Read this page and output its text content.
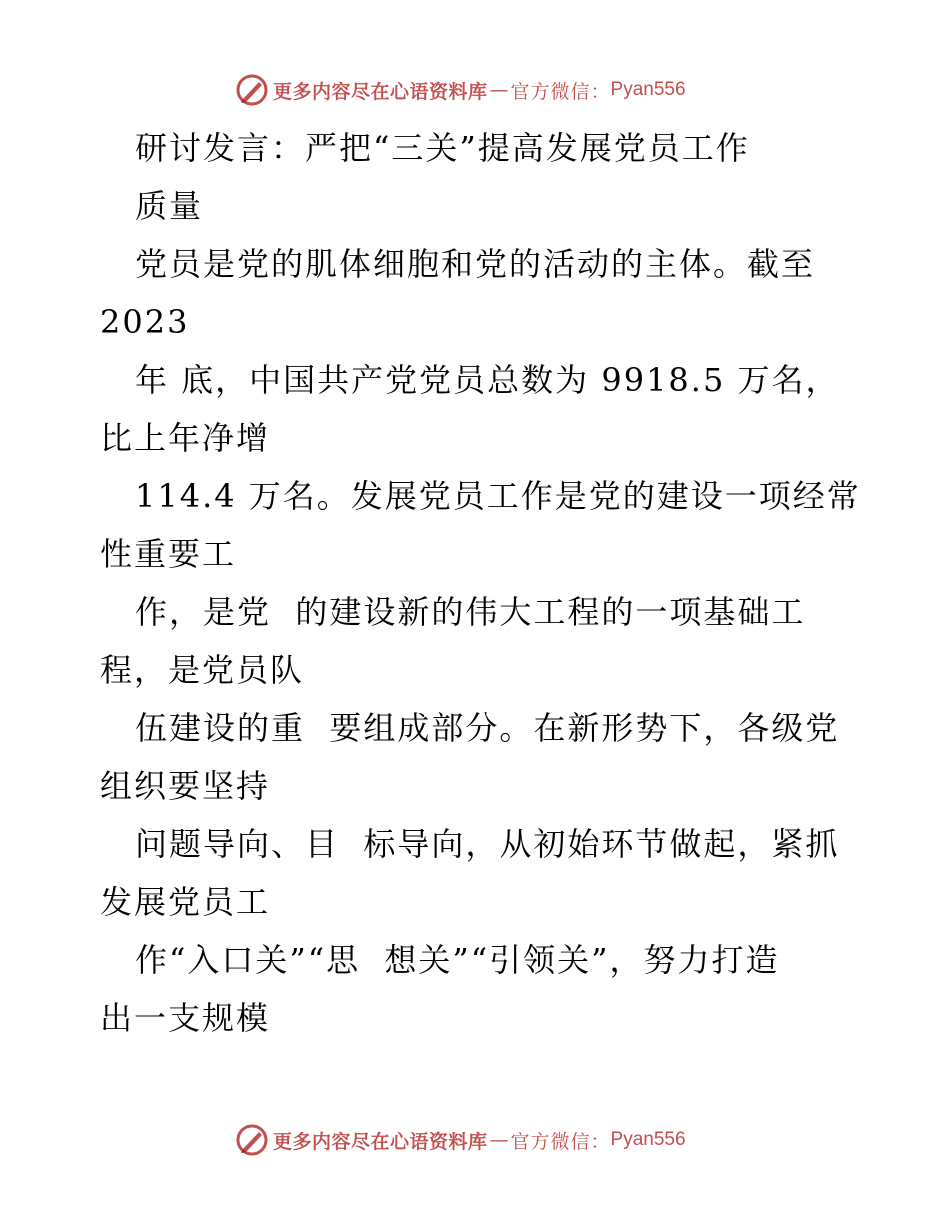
更多内容尽在心语资料库 — 官方微信： Pyan556
研讨发言：严把“三关”提高发展党员工作
质量
党员是党的肌体细胞和党的活动的主体。截至
2023
年 底，中国共产党党员总数为 9918.5 万名，
比上年净增
114.4 万名。发展党员工作是党的建设一项经常
性重要工
作，是党  的建设新的伟大工程的一项基础工
程，是党员队
伍建设的重  要组成部分。在新形势下，各级党
组织要坚持
问题导向、目  标导向，从初始环节做起，紧抓
发展党员工
作“入口关”“思  想关”“引领关”，努力打造
出一支规模
更多内容尽在心语资料库 — 官方微信： Pyan556
